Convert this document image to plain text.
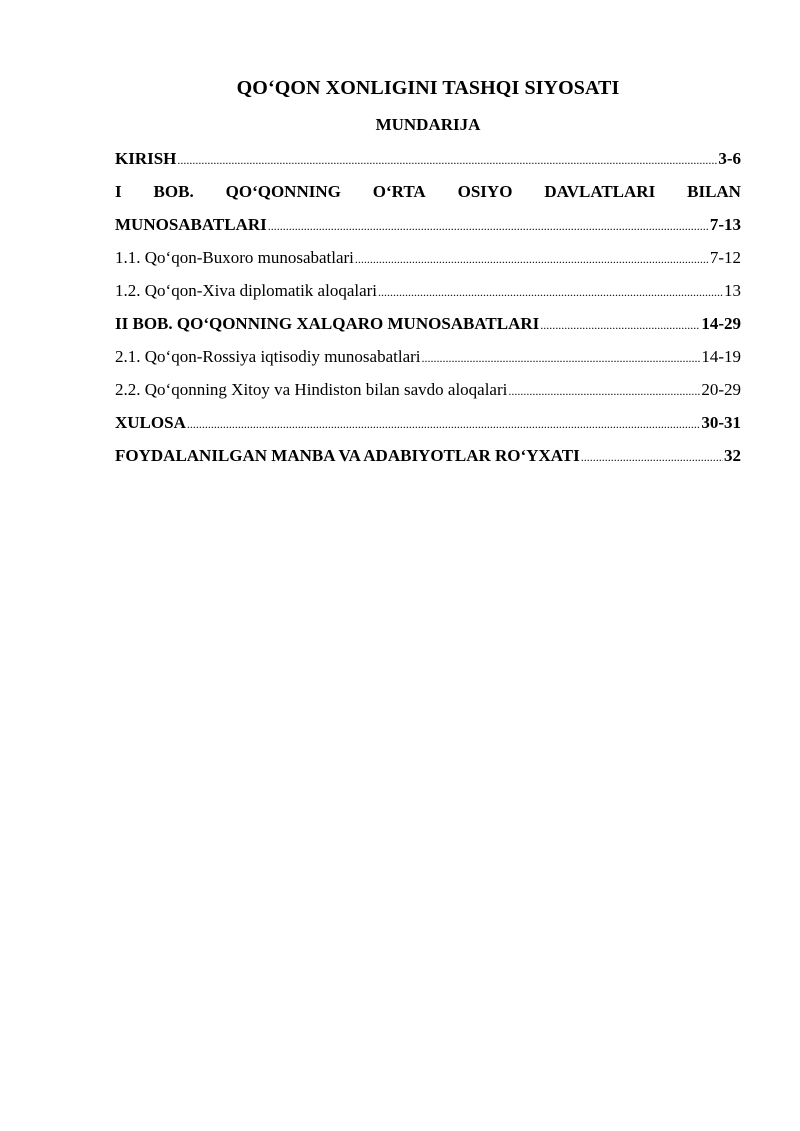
QO‘QON XONLIGINI TASHQI SIYOSATI
MUNDARIJA
KIRISH .....	3-6
I BOB. QO‘QONNING O‘RTA OSIYO DAVLATLARI BILAN
MUNOSABATLARI .....	7-13
1.1. Qo‘qon-Buxoro munosabatlari .....	7-12
1.2. Qo‘qon-Xiva diplomatik aloqalari .....	13
II BOB. QO‘QONNING XALQARO MUNOSABATLARI .....	14-29
2.1. Qo‘qon-Rossiya iqtisodiy munosabatlari .....	14-19
2.2. Qo‘qonning Xitoy va Hindiston bilan savdo aloqalari .....	20-29
XULOSA .....	30-31
FOYDALANILGAN MANBA VA ADABIYOTLAR RO‘YXATI .....	32
